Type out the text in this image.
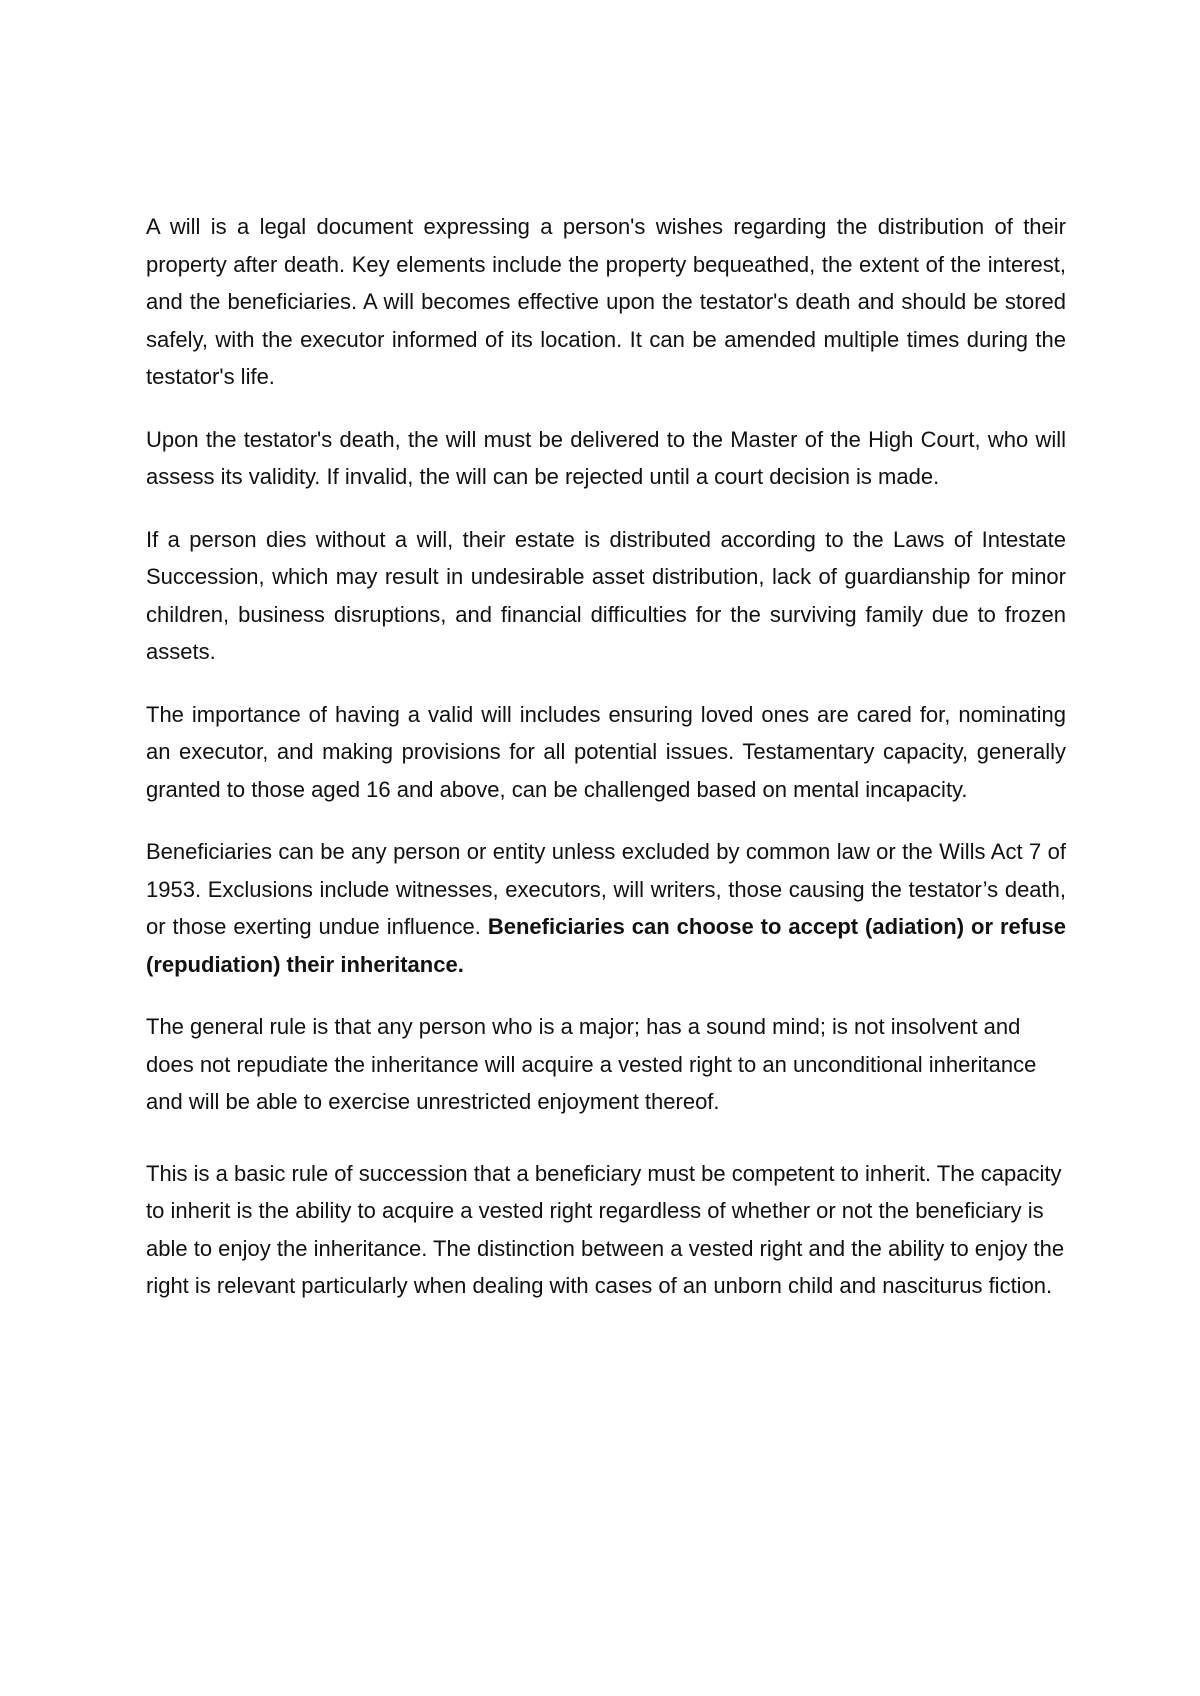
A will is a legal document expressing a person's wishes regarding the distribution of their property after death. Key elements include the property bequeathed, the extent of the interest, and the beneficiaries. A will becomes effective upon the testator's death and should be stored safely, with the executor informed of its location. It can be amended multiple times during the testator's life.

Upon the testator's death, the will must be delivered to the Master of the High Court, who will assess its validity. If invalid, the will can be rejected until a court decision is made.

If a person dies without a will, their estate is distributed according to the Laws of Intestate Succession, which may result in undesirable asset distribution, lack of guardianship for minor children, business disruptions, and financial difficulties for the surviving family due to frozen assets.

The importance of having a valid will includes ensuring loved ones are cared for, nominating an executor, and making provisions for all potential issues. Testamentary capacity, generally granted to those aged 16 and above, can be challenged based on mental incapacity.

Beneficiaries can be any person or entity unless excluded by common law or the Wills Act 7 of 1953. Exclusions include witnesses, executors, will writers, those causing the testator’s death, or those exerting undue influence. Beneficiaries can choose to accept (adiation) or refuse (repudiation) their inheritance.

The general rule is that any person who is a major; has a sound mind; is not insolvent and does not repudiate the inheritance will acquire a vested right to an unconditional inheritance and will be able to exercise unrestricted enjoyment thereof.

This is a basic rule of succession that a beneficiary must be competent to inherit. The capacity to inherit is the ability to acquire a vested right regardless of whether or not the beneficiary is able to enjoy the inheritance. The distinction between a vested right and the ability to enjoy the right is relevant particularly when dealing with cases of an unborn child and nasciturus fiction.
